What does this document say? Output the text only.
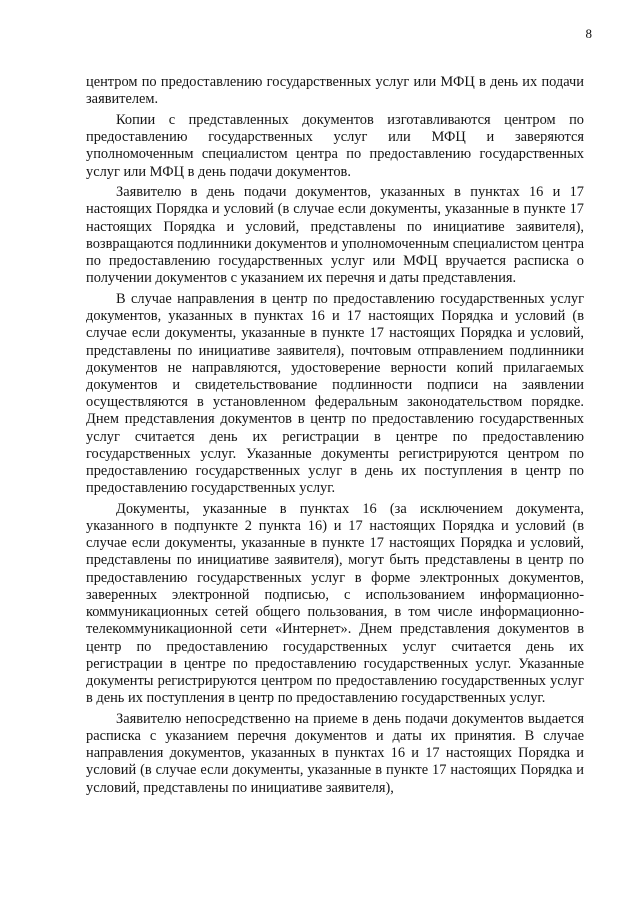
8

центром по предоставлению государственных услуг или МФЦ в день их подачи заявителем.

Копии с представленных документов изготавливаются центром по предоставлению государственных услуг или МФЦ и заверяются уполномоченным специалистом центра по предоставлению государственных услуг или МФЦ в день подачи документов.

Заявителю в день подачи документов, указанных в пунктах 16 и 17 настоящих Порядка и условий (в случае если документы, указанные в пункте 17 настоящих Порядка и условий, представлены по инициативе заявителя), возвращаются подлинники документов и уполномоченным специалистом центра по предоставлению государственных услуг или МФЦ вручается расписка о получении документов с указанием их перечня и даты представления.

В случае направления в центр по предоставлению государственных услуг документов, указанных в пунктах 16 и 17 настоящих Порядка и условий (в случае если документы, указанные в пункте 17 настоящих Порядка и условий, представлены по инициативе заявителя), почтовым отправлением подлинники документов не направляются, удостоверение верности копий прилагаемых документов и свидетельствование подлинности подписи на заявлении осуществляются в установленном федеральным законодательством порядке. Днем представления документов в центр по предоставлению государственных услуг считается день их регистрации в центре по предоставлению государственных услуг. Указанные документы регистрируются центром по предоставлению государственных услуг в день их поступления в центр по предоставлению государственных услуг.

Документы, указанные в пунктах 16 (за исключением документа, указанного в подпункте 2 пункта 16) и 17 настоящих Порядка и условий (в случае если документы, указанные в пункте 17 настоящих Порядка и условий, представлены по инициативе заявителя), могут быть представлены в центр по предоставлению государственных услуг в форме электронных документов, заверенных электронной подписью, с использованием информационно-коммуникационных сетей общего пользования, в том числе информационно-телекоммуникационной сети «Интернет». Днем представления документов в центр по предоставлению государственных услуг считается день их регистрации в центре по предоставлению государственных услуг. Указанные документы регистрируются центром по предоставлению государственных услуг в день их поступления в центр по предоставлению государственных услуг.

Заявителю непосредственно на приеме в день подачи документов выдается расписка с указанием перечня документов и даты их принятия. В случае направления документов, указанных в пунктах 16 и 17 настоящих Порядка и условий (в случае если документы, указанные в пункте 17 настоящих Порядка и условий, представлены по инициативе заявителя),
